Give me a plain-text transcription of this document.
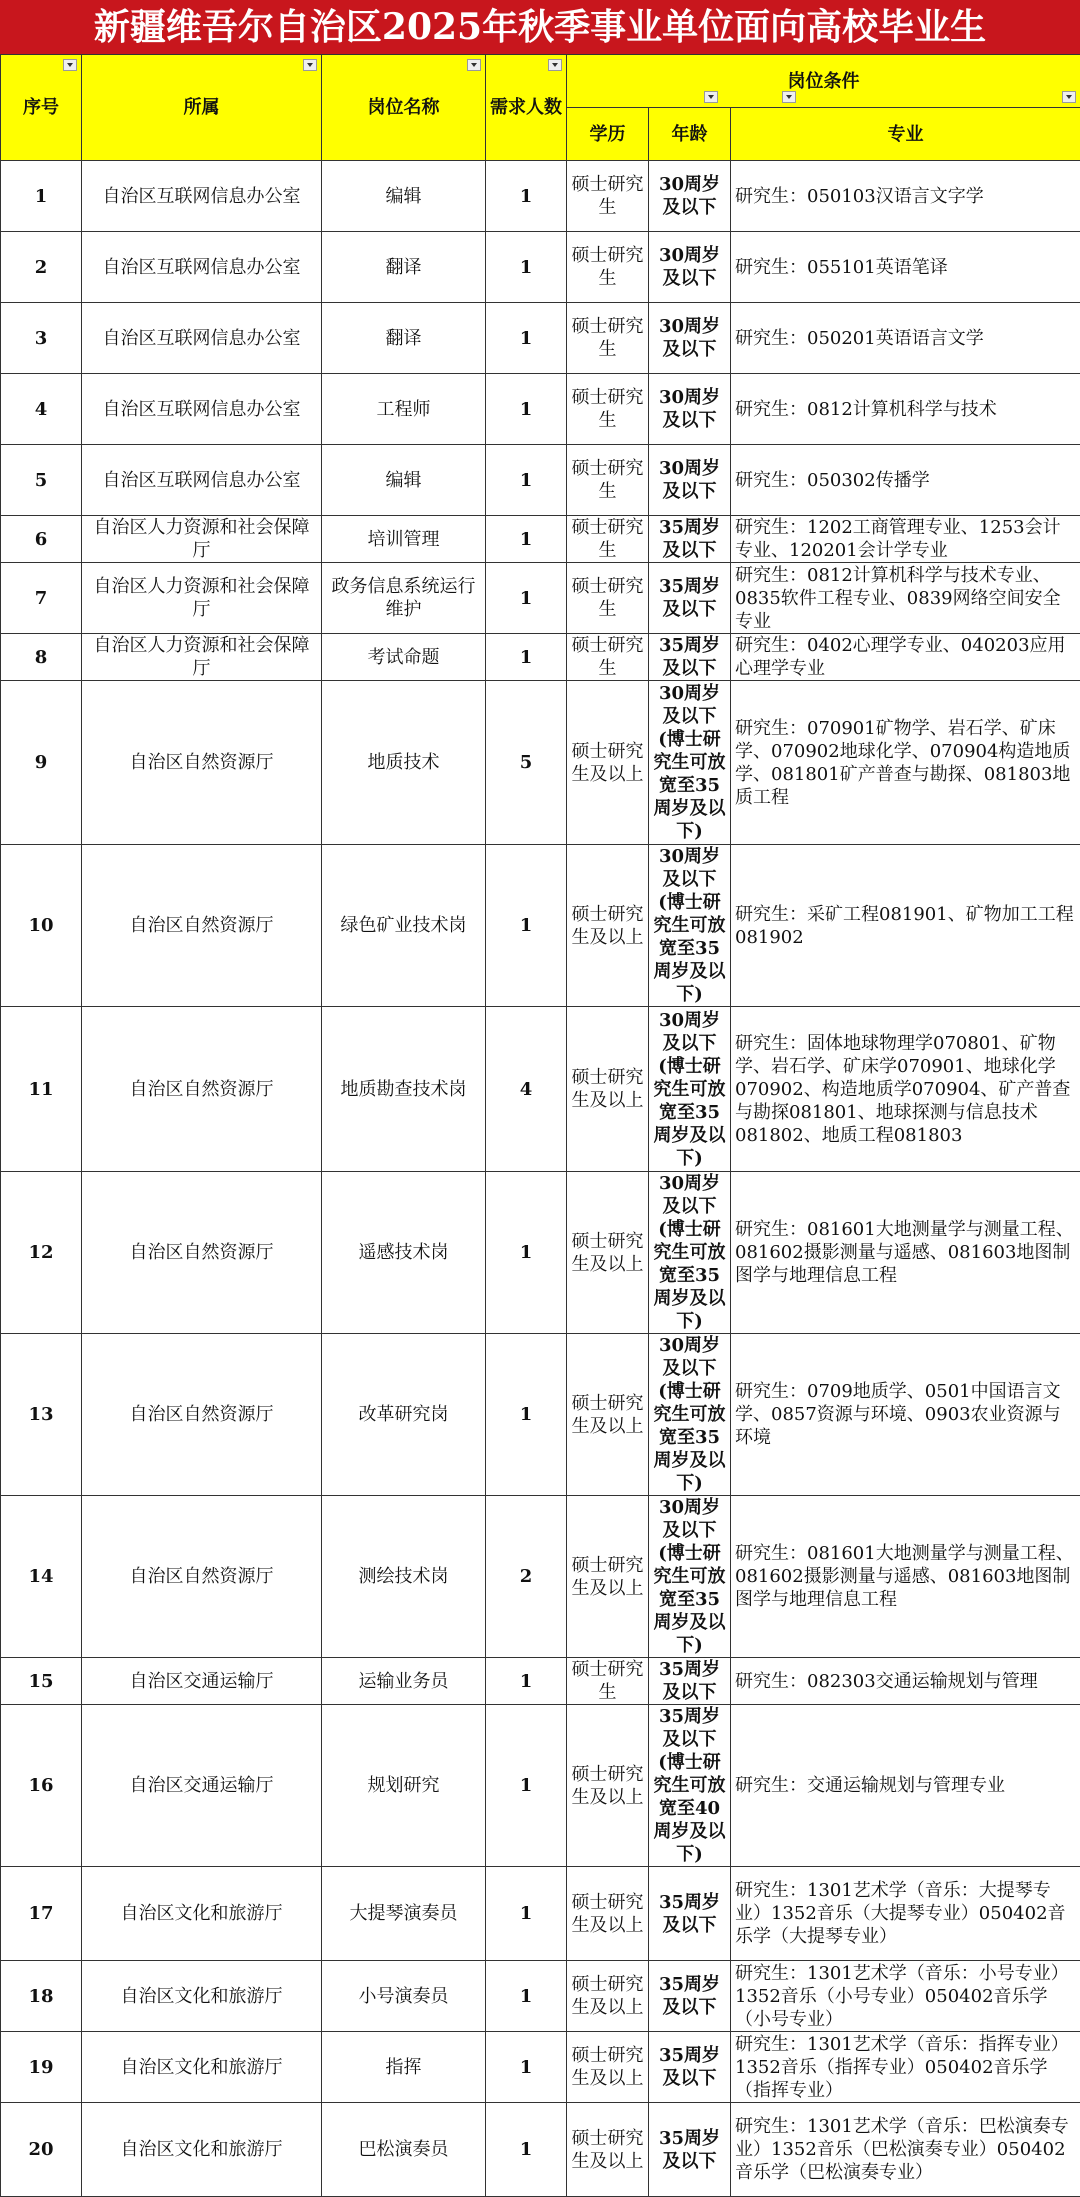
新疆维吾尔自治区2025年秋季事业单位面向高校毕业生
序号	所属	岗位名称	需求人数	岗位条件		

				学历	年龄	专业
1	自治区互联网信息办公室	编辑	1	硕士研究生	30周岁及以下	研究生：050103汉语言文字学
2	自治区互联网信息办公室	翻译	1	硕士研究生	30周岁及以下	研究生：055101英语笔译
3	自治区互联网信息办公室	翻译	1	硕士研究生	30周岁及以下	研究生：050201英语语言文学
4	自治区互联网信息办公室	工程师	1	硕士研究生	30周岁及以下	研究生：0812计算机科学与技术
5	自治区互联网信息办公室	编辑	1	硕士研究生	30周岁及以下	研究生：050302传播学
6	自治区人力资源和社会保障厅	培训管理	1	硕士研究生	35周岁及以下	研究生：1202工商管理专业、1253会计专业、120201会计学专业
7	自治区人力资源和社会保障厅	政务信息系统运行维护	1	硕士研究生	35周岁及以下	研究生：0812计算机科学与技术专业、0835软件工程专业、0839网络空间安全专业
8	自治区人力资源和社会保障厅	考试命题	1	硕士研究生	35周岁及以下	研究生：0402心理学专业、040203应用心理学专业
9	自治区自然资源厅	地质技术	5	硕士研究生及以上	30周岁及以下(博士研究生可放宽至35周岁及以下)	研究生：070901矿物学、岩石学、矿床学、070902地球化学、070904构造地质学、081801矿产普查与勘探、081803地质工程
10	自治区自然资源厅	绿色矿业技术岗	1	硕士研究生及以上	30周岁及以下(博士研究生可放宽至35周岁及以下)	研究生：采矿工程081901、矿物加工工程081902
11	自治区自然资源厅	地质勘查技术岗	4	硕士研究生及以上	30周岁及以下(博士研究生可放宽至35周岁及以下)	研究生：固体地球物理学070801、矿物学、岩石学、矿床学070901、地球化学070902、构造地质学070904、矿产普查与勘探081801、地球探测与信息技术081802、地质工程081803
12	自治区自然资源厅	遥感技术岗	1	硕士研究生及以上	30周岁及以下(博士研究生可放宽至35周岁及以下)	研究生：081601大地测量学与测量工程、081602摄影测量与遥感、081603地图制图学与地理信息工程
13	自治区自然资源厅	改革研究岗	1	硕士研究生及以上	30周岁及以下(博士研究生可放宽至35周岁及以下)	研究生：0709地质学、0501中国语言文学、0857资源与环境、0903农业资源与环境
14	自治区自然资源厅	测绘技术岗	2	硕士研究生及以上	30周岁及以下(博士研究生可放宽至35周岁及以下)	研究生：081601大地测量学与测量工程、081602摄影测量与遥感、081603地图制图学与地理信息工程
15	自治区交通运输厅	运输业务员	1	硕士研究生	35周岁及以下	研究生：082303交通运输规划与管理
16	自治区交通运输厅	规划研究	1	硕士研究生及以上	35周岁及以下(博士研究生可放宽至40周岁及以下)	研究生：交通运输规划与管理专业
17	自治区文化和旅游厅	大提琴演奏员	1	硕士研究生及以上	35周岁及以下	研究生：1301艺术学（音乐：大提琴专业）1352音乐（大提琴专业）050402音乐学（大提琴专业）
18	自治区文化和旅游厅	小号演奏员	1	硕士研究生及以上	35周岁及以下	研究生：1301艺术学（音乐：小号专业）1352音乐（小号专业）050402音乐学（小号专业）
19	自治区文化和旅游厅	指挥	1	硕士研究生及以上	35周岁及以下	研究生：1301艺术学（音乐：指挥专业）1352音乐（指挥专业）050402音乐学（指挥专业）
20	自治区文化和旅游厅	巴松演奏员	1	硕士研究生及以上	35周岁及以下	研究生：1301艺术学（音乐：巴松演奏专业）1352音乐（巴松演奏专业）050402音乐学（巴松演奏专业）
